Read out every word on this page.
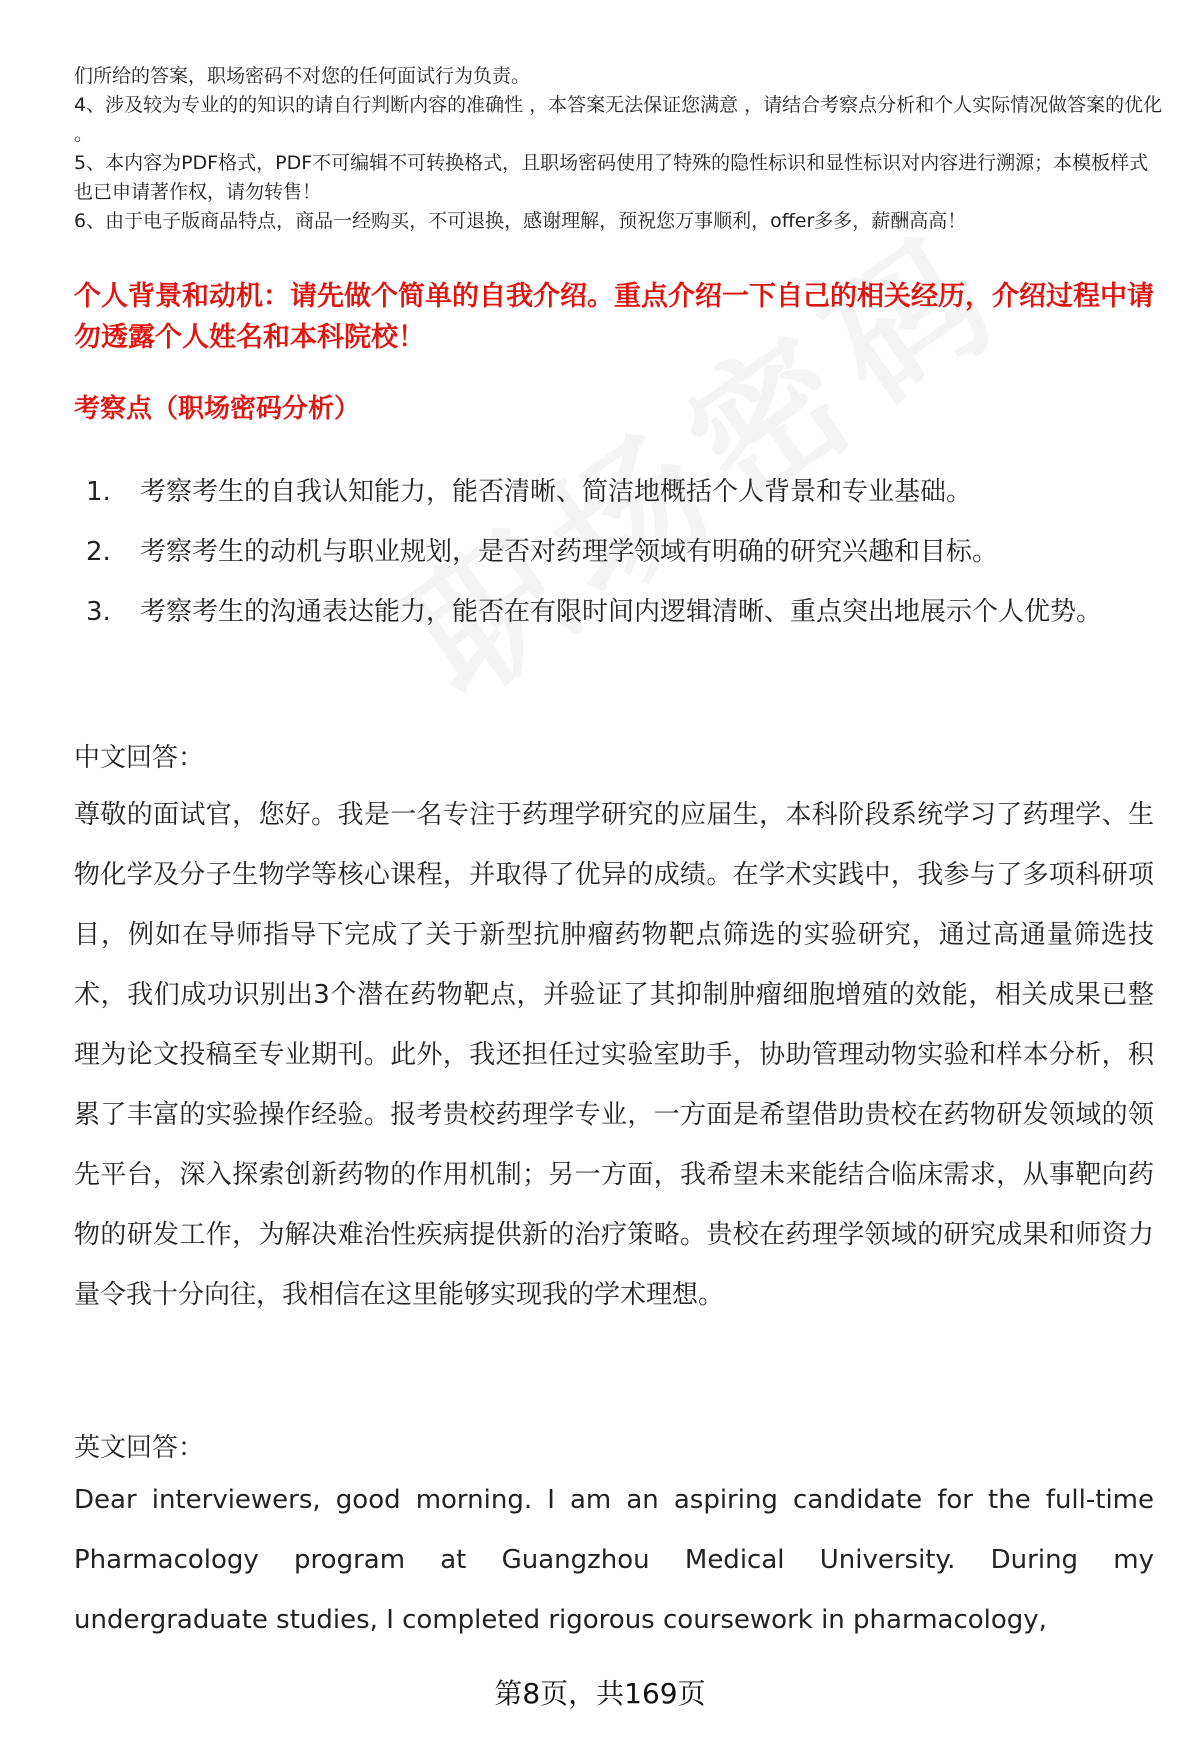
们所给的答案，职场密码不对您的任何面试行为负责。

4、涉及较为专业的的知识的请自行判断内容的准确性 ，本答案无法保证您满意 ，请结合考察点分析和个人实际情况做答案的优化 。

5、本内容为PDF格式，PDF不可编辑不可转换格式，且职场密码使用了特殊的隐性标识和显性标识对内容进行溯源；本模板样式也已申请著作权，请勿转售！

6、由于电子版商品特点，商品一经购买，不可退换，感谢理解，预祝您万事顺利，offer多多，薪酬高高！

个人背景和动机：请先做个简单的自我介绍。重点介绍一下自己的相关经历，介绍过程中请勿透露个人姓名和本科院校！
考察点（职场密码分析）
1.	考察考生的自我认知能力，能否清晰、简洁地概括个人背景和专业基础。
2.	考察考生的动机与职业规划，是否对药理学领域有明确的研究兴趣和目标。
3.	考察考生的沟通表达能力，能否在有限时间内逻辑清晰、重点突出地展示个人优势。
中文回答：
尊敬的面试官，您好。我是一名专注于药理学研究的应届生，本科阶段系统学习了药理学、生物化学及分子生物学等核心课程，并取得了优异的成绩。在学术实践中，我参与了多项科研项目，例如在导师指导下完成了关于新型抗肿瘤药物靶点筛选的实验研究，通过高通量筛选技术，我们成功识别出3个潜在药物靶点，并验证了其抑制肿瘤细胞增殖的效能，相关成果已整理为论文投稿至专业期刊。此外，我还担任过实验室助手，协助管理动物实验和样本分析，积累了丰富的实验操作经验。报考贵校药理学专业，一方面是希望借助贵校在药物研发领域的领先平台，深入探索创新药物的作用机制；另一方面，我希望未来能结合临床需求，从事靶向药物的研发工作，为解决难治性疾病提供新的治疗策略。贵校在药理学领域的研究成果和师资力量令我十分向往，我相信在这里能够实现我的学术理想。
英文回答：
Dear interviewers, good morning. I am an aspiring candidate for the full-time Pharmacology program at Guangzhou Medical University. During my undergraduate studies, I completed rigorous coursework in pharmacology,
第8页，共169页
